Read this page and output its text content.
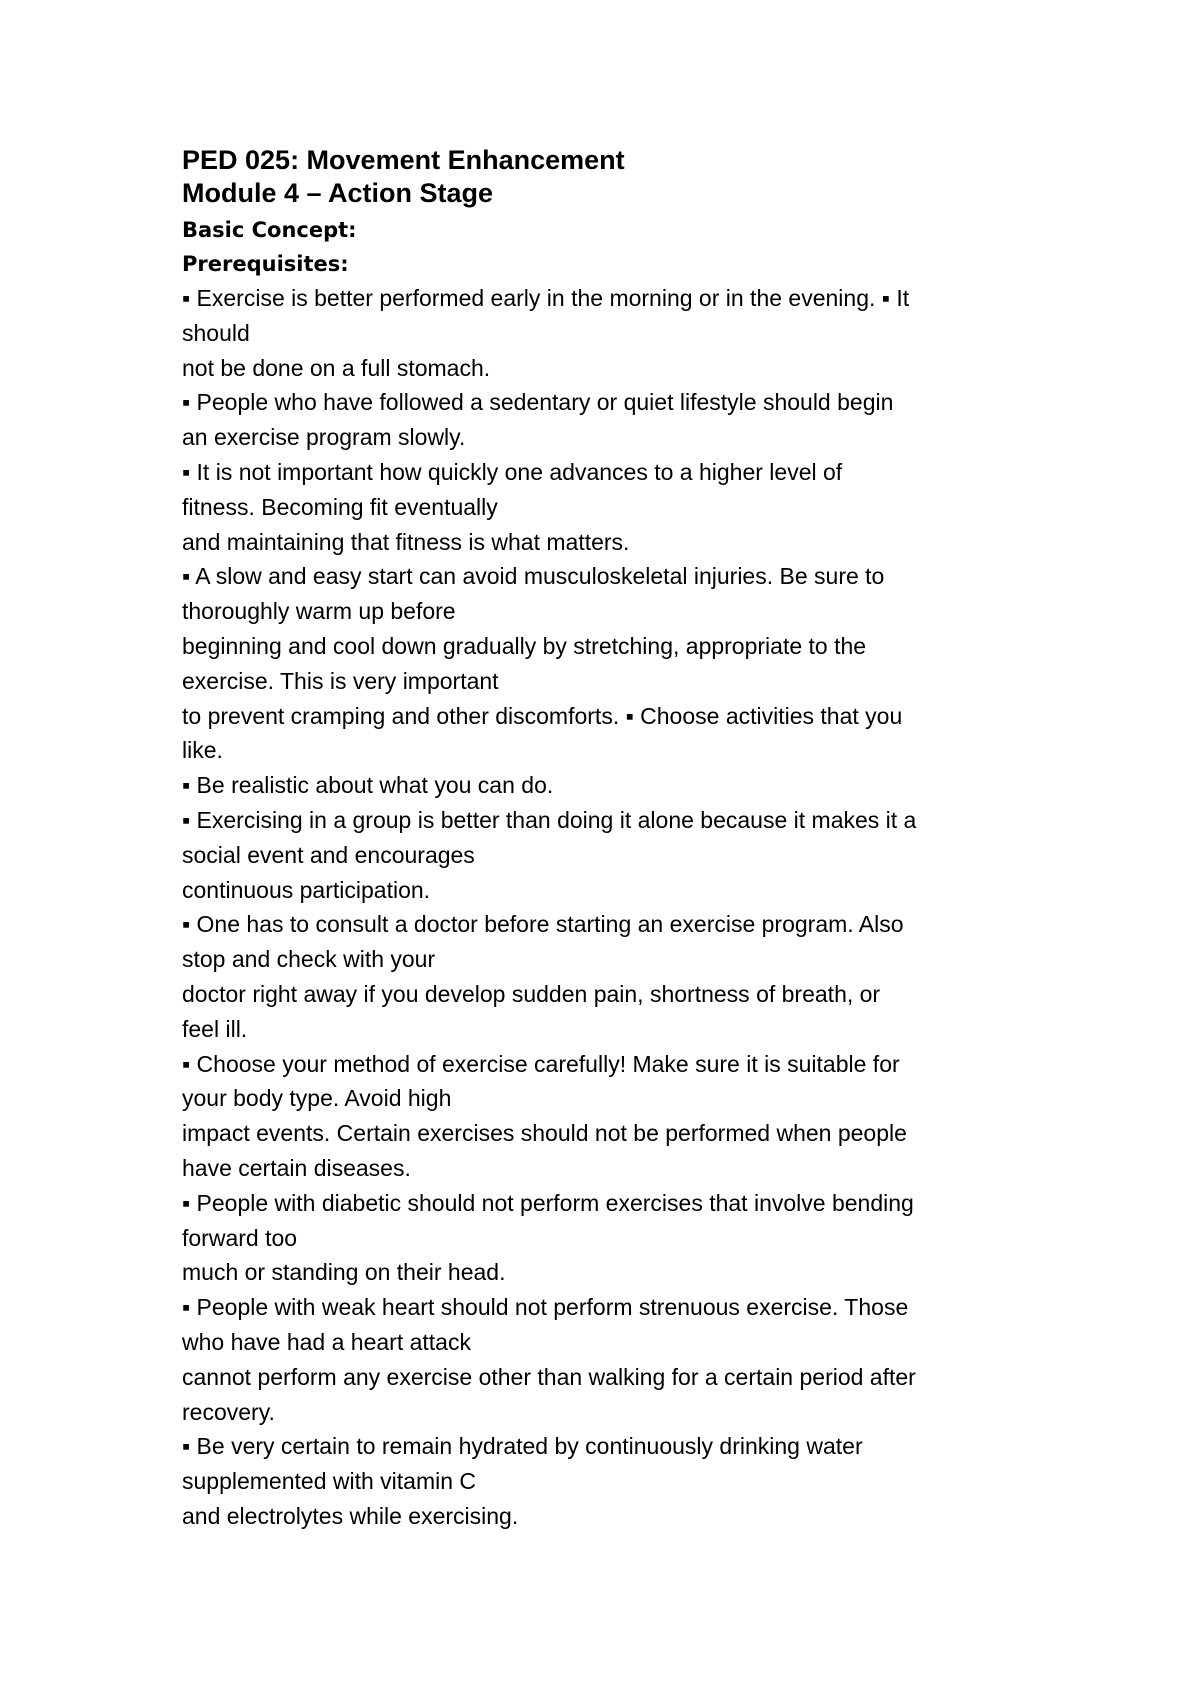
PED 025: Movement Enhancement

Module 4 – Action Stage

Basic Concept:

Prerequisites:

▪ Exercise is better performed early in the morning or in the evening. ▪ It

should

not be done on a full stomach.

▪ People who have followed a sedentary or quiet lifestyle should begin

an exercise program slowly.

▪ It is not important how quickly one advances to a higher level of

fitness. Becoming fit eventually

and maintaining that fitness is what matters.

▪ A slow and easy start can avoid musculoskeletal injuries. Be sure to

thoroughly warm up before

beginning and cool down gradually by stretching, appropriate to the

exercise. This is very important

to prevent cramping and other discomforts. ▪ Choose activities that you

like.

▪ Be realistic about what you can do.

▪ Exercising in a group is better than doing it alone because it makes it a

social event and encourages

continuous participation.

▪ One has to consult a doctor before starting an exercise program. Also

stop and check with your

doctor right away if you develop sudden pain, shortness of breath, or

feel ill.

▪ Choose your method of exercise carefully! Make sure it is suitable for

your body type. Avoid high

impact events. Certain exercises should not be performed when people

have certain diseases.

▪ People with diabetic should not perform exercises that involve bending

forward too

much or standing on their head.

▪ People with weak heart should not perform strenuous exercise. Those

who have had a heart attack

cannot perform any exercise other than walking for a certain period after

recovery.

▪ Be very certain to remain hydrated by continuously drinking water

supplemented with vitamin C

and electrolytes while exercising.
